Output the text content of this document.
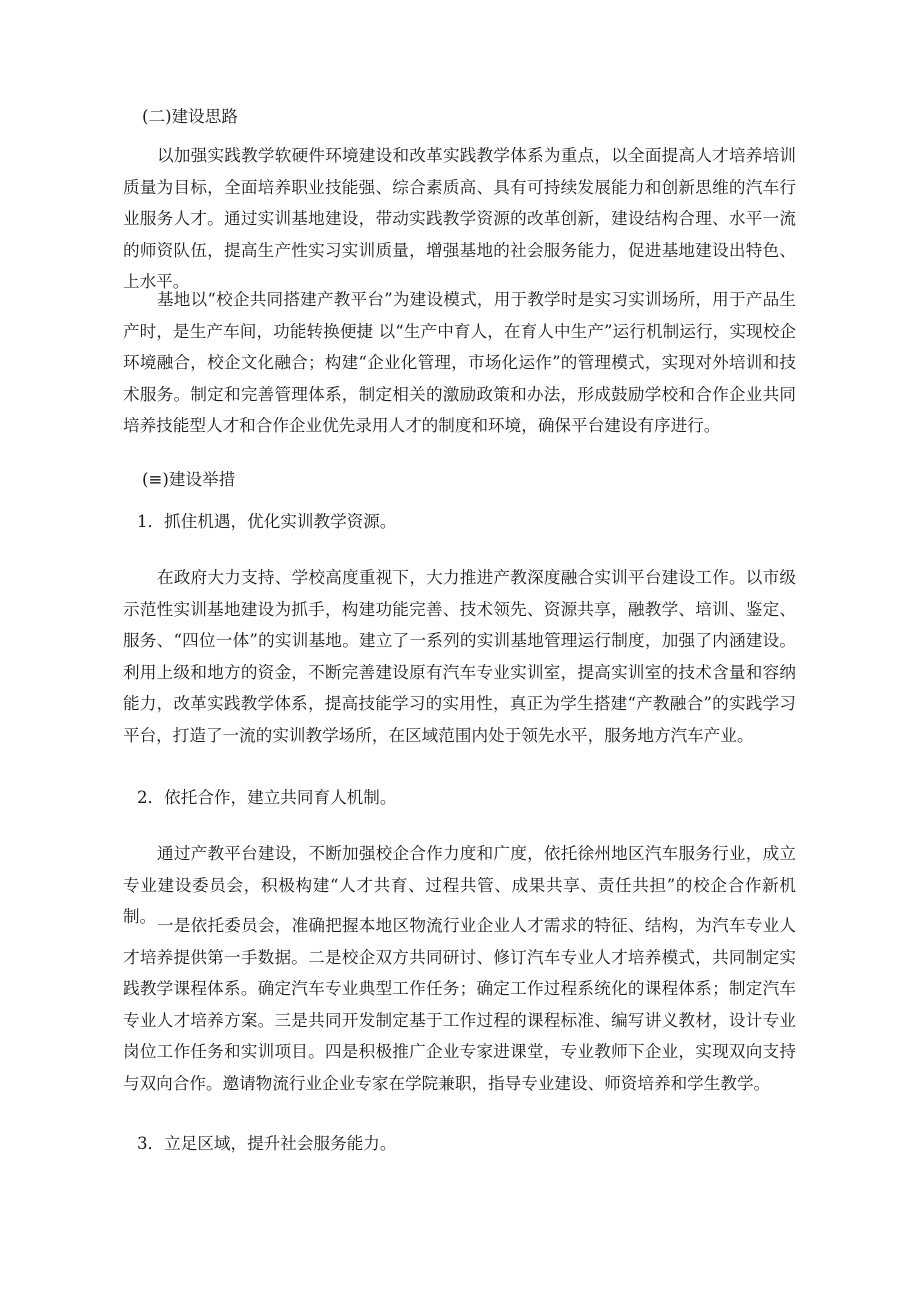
(二)建设思路

以加强实践教学软硬件环境建设和改革实践教学体系为重点，以全面提高人才培养培训质量为目标，全面培养职业技能强、综合素质高、具有可持续发展能力和创新思维的汽车行业服务人才。通过实训基地建设，带动实践教学资源的改革创新，建设结构合理、水平一流的师资队伍，提高生产性实习实训质量，增强基地的社会服务能力，促进基地建设出特色、上水平。

基地以“校企共同搭建产教平台”为建设模式，用于教学时是实习实训场所，用于产品生产时，是生产车间，功能转换便捷 以“生产中育人，在育人中生产”运行机制运行，实现校企环境融合，校企文化融合；构建“企业化管理，市场化运作”的管理模式，实现对外培训和技术服务。制定和完善管理体系，制定相关的激励政策和办法，形成鼓励学校和合作企业共同培养技能型人才和合作企业优先录用人才的制度和环境，确保平台建设有序进行。

(≡)建设举措

1．抓住机遇，优化实训教学资源。

在政府大力支持、学校高度重视下，大力推进产教深度融合实训平台建设工作。以市级示范性实训基地建设为抓手，构建功能完善、技术领先、资源共享，融教学、培训、鉴定、服务、“四位一体”的实训基地。建立了一系列的实训基地管理运行制度，加强了内涵建设。利用上级和地方的资金，不断完善建设原有汽车专业实训室，提高实训室的技术含量和容纳能力，改革实践教学体系，提高技能学习的实用性，真正为学生搭建“产教融合”的实践学习平台，打造了一流的实训教学场所，在区域范围内处于领先水平，服务地方汽车产业。

2．依托合作，建立共同育人机制。

通过产教平台建设，不断加强校企合作力度和广度，依托徐州地区汽车服务行业，成立专业建设委员会，积极构建“人才共育、过程共管、成果共享、责任共担”的校企合作新机制。 一是依托委员会，准确把握本地区物流行业企业人才需求的特征、结构，为汽车专业人才培养提供第一手数据。二是校企双方共同研讨、修订汽车专业人才培养模式，共同制定实践教学课程体系。确定汽车专业典型工作任务；确定工作过程系统化的课程体系；制定汽车专业人才培养方案。三是共同开发制定基于工作过程的课程标准、编写讲义教材，设计专业岗位工作任务和实训项目。四是积极推广企业专家进课堂，专业教师下企业，实现双向支持与双向合作。邀请物流行业企业专家在学院兼职，指导专业建设、师资培养和学生教学。

3．立足区域，提升社会服务能力。
